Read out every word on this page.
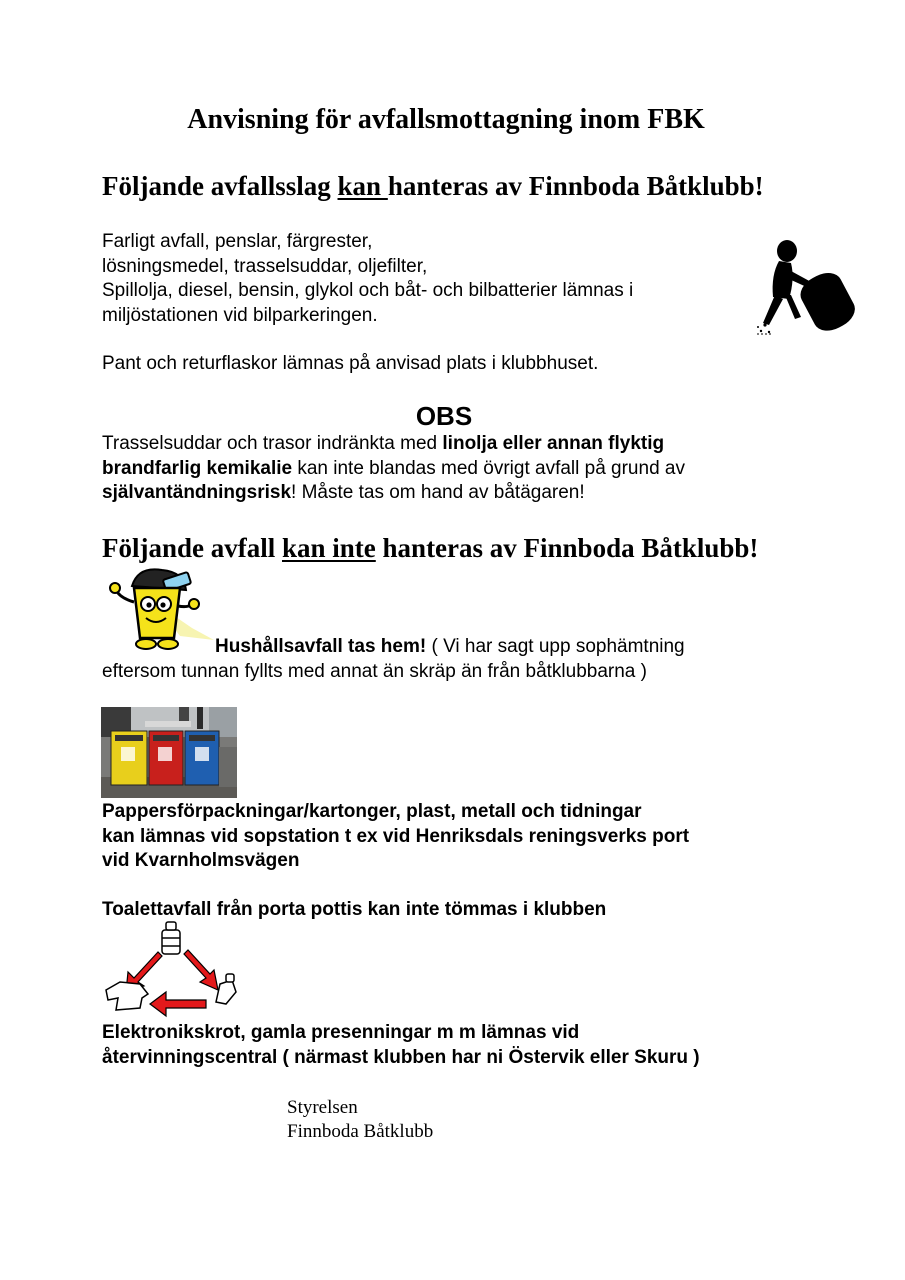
Anvisning för avfallsmottagning inom FBK
Följande avfallsslag kan hanteras av Finnboda Båtklubb!
Farligt avfall, penslar, färgrester,
lösningsmedel, trasselsuddar, oljefilter,
Spillolja, diesel, bensin, glykol och båt- och bilbatterier lämnas i
miljöstationen vid bilparkeringen.
Pant och returflaskor lämnas på anvisad plats i klubbhuset.
OBS
Trasselsuddar och trasor indränkta med linolja eller annan flyktig
brandfarlig kemikalie kan inte blandas med övrigt avfall på grund av
självantändningsrisk! Måste tas om hand av båtägaren!
Följande avfall kan inte hanteras av Finnboda Båtklubb!
Hushållsavfall tas hem! ( Vi har sagt upp sophämtning
eftersom tunnan fyllts med annat än skräp än från båtklubbarna )
Pappersförpackningar/kartonger, plast, metall och tidningar
kan lämnas vid sopstation t ex vid Henriksdals reningsverks port
vid Kvarnholmsvägen
Toalettavfall från porta pottis kan inte tömmas i klubben
Elektronikskrot, gamla presenningar m m lämnas vid
återvinningscentral ( närmast klubben har ni Östervik eller Skuru )
Styrelsen
Finnboda Båtklubb
